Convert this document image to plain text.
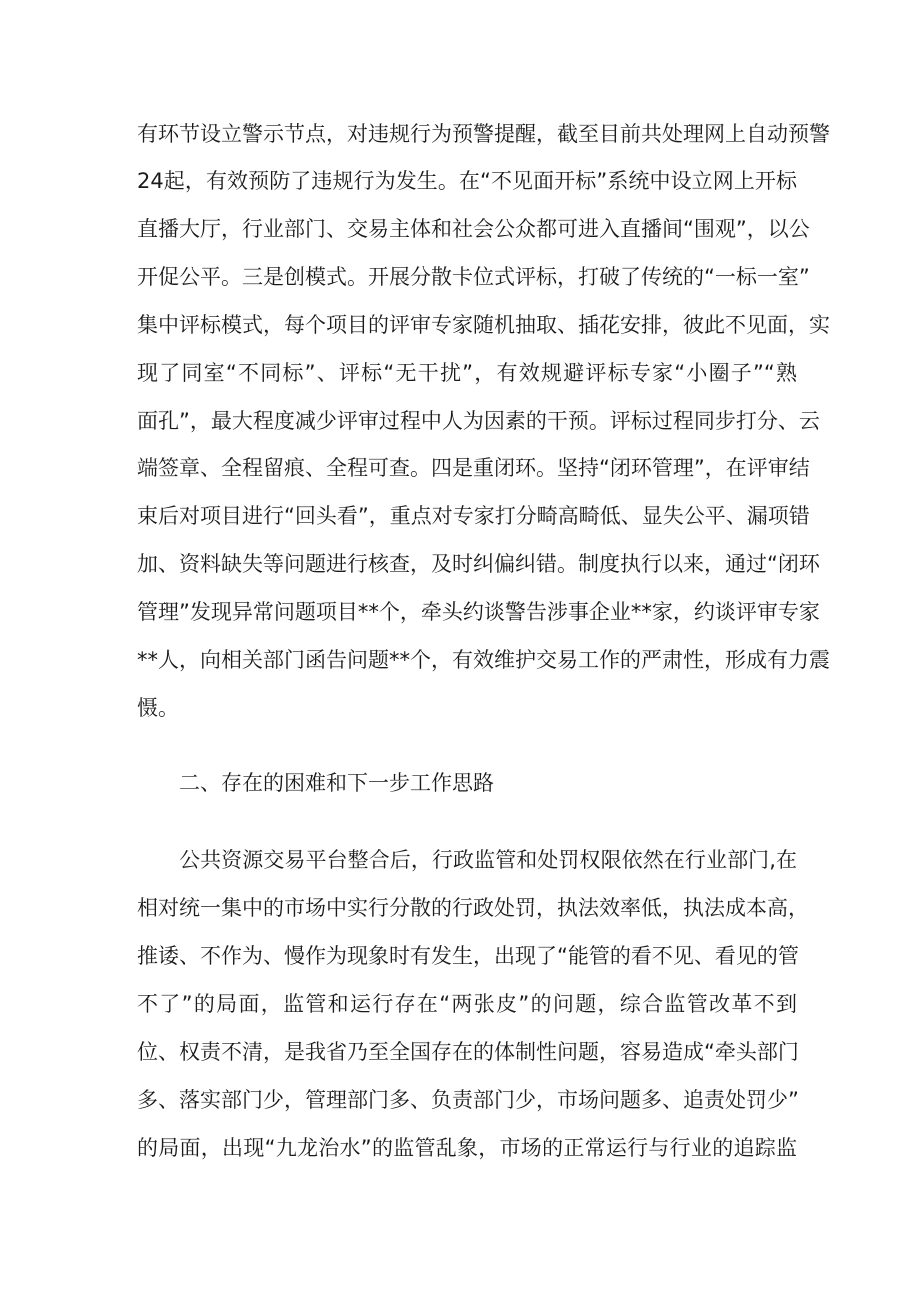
有环节设立警示节点，对违规行为预警提醒，截至目前共处理网上自动预警
24起，有效预防了违规行为发生。在“不见面开标”系统中设立网上开标
直播大厅，行业部门、交易主体和社会公众都可进入直播间“围观”，以公
开促公平。三是创模式。开展分散卡位式评标，打破了传统的“一标一室”
集中评标模式，每个项目的评审专家随机抽取、插花安排，彼此不见面，实
现了同室“不同标”、评标“无干扰”，有效规避评标专家“小圈子”“熟
面孔”，最大程度减少评审过程中人为因素的干预。评标过程同步打分、云
端签章、全程留痕、全程可查。四是重闭环。坚持“闭环管理”，在评审结
束后对项目进行“回头看”，重点对专家打分畸高畸低、显失公平、漏项错
加、资料缺失等问题进行核查，及时纠偏纠错。制度执行以来，通过“闭环
管理”发现异常问题项目**个，牵头约谈警告涉事企业**家，约谈评审专家
**人，向相关部门函告问题**个，有效维护交易工作的严肃性，形成有力震
慑。
二、存在的困难和下一步工作思路
公共资源交易平台整合后，行政监管和处罚权限依然在行业部门,在
相对统一集中的市场中实行分散的行政处罚，执法效率低，执法成本高，
推诿、不作为、慢作为现象时有发生，出现了“能管的看不见、看见的管
不了”的局面，监管和运行存在“两张皮”的问题，综合监管改革不到
位、权责不清，是我省乃至全国存在的体制性问题，容易造成“牵头部门
多、落实部门少，管理部门多、负责部门少，市场问题多、追责处罚少”
的局面，出现“九龙治水”的监管乱象，市场的正常运行与行业的追踪监
